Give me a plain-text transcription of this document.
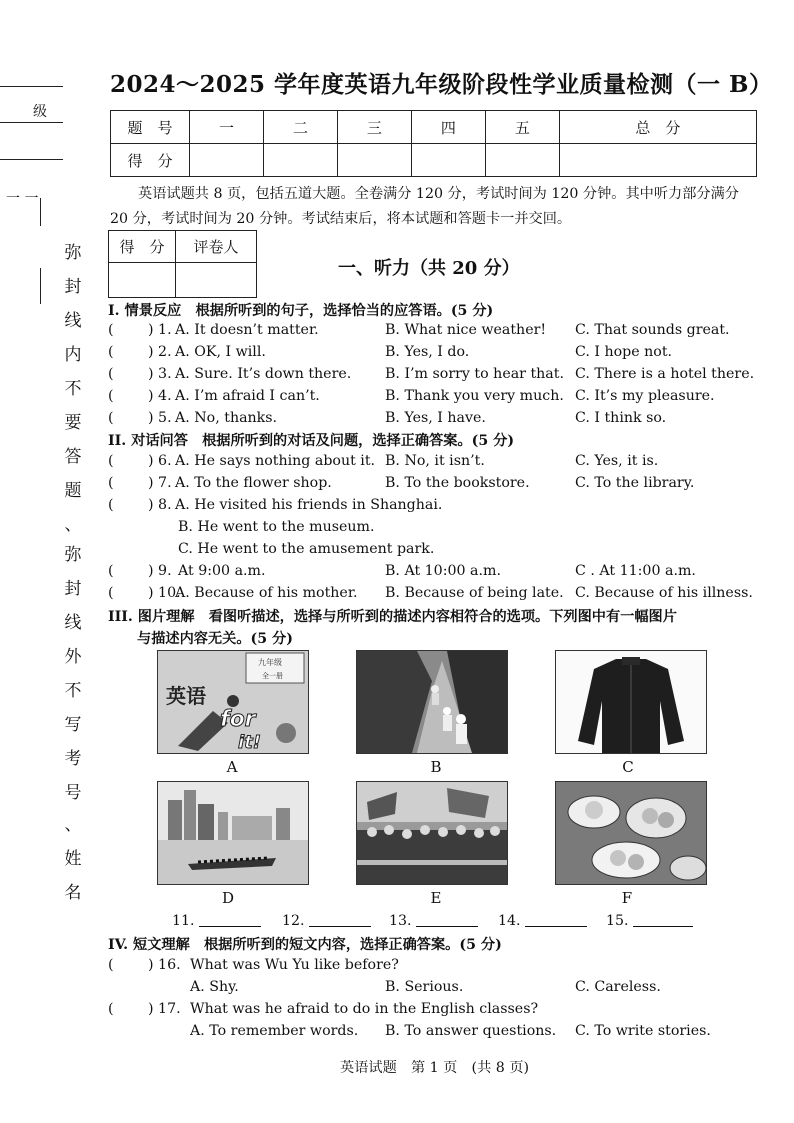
级
一 一
弥
封
线
内
不
要
答
题
、
弥
封
线
外
不
写
考
号
、
姓
名
2024～2025 学年度英语九年级阶段性学业质量检测（一 B）
题　号	一	二	三	四	五	总　分
得　分						
英语试题共 8 页，包括五道大题。全卷满分 120 分，考试时间为 120 分钟。其中听力部分满分 20 分，考试时间为 20 分钟。考试结束后，将本试题和答题卡一并交回。
得　分	评卷人

一、听力（共 20 分）
I. 情景反应　根据所听到的句子，选择恰当的应答语。(5 分)
( ) 1. A. It doesn’t matter.	B. What nice weather! C. That sounds great.
( ) 2. A. OK, I will.	B. Yes, I do.	C. I hope not.
( ) 3. A. Sure. It’s down there. B. I’m sorry to hear that. C. There is a hotel there.
( ) 4. A. I’m afraid I can’t.	B. Thank you very much. C. It’s my pleasure.
( ) 5. A. No, thanks.	B. Yes, I have.	C. I think so.
II. 对话问答　根据所听到的对话及问题，选择正确答案。(5 分)
( ) 6. A. He says nothing about it. B. No, it isn’t.	C. Yes, it is.
( ) 7. A. To the flower shop.	B. To the bookstore.	C. To the library.
( ) 8. A. He visited his friends in Shanghai.
B. He went to the museum.
C. He went to the amusement park.
( ) 9. At 9:00 a.m.	B. At 10:00 a.m.	C . At 11:00 a.m.
( ) 10.
A. Because of his mother. B. Because of being late. C. Because of his illness.
III. 图片理解　看图听描述，选择与所听到的描述内容相符合的选项。下列图中有一幅图片
与描述内容无关。(5 分)
九年级
全一册
英语
for
it!
A	B	C
D	E	F
11.	12.	13.	14.	15.
IV. 短文理解　根据所听到的短文内容，选择正确答案。(5 分)
( ) 16. What was Wu Yu like before?
A. Shy.	B. Serious.	C. Careless.
( ) 17. What was he afraid to do in the English classes?
A. To remember words. B. To answer questions. C. To write stories.
英语试题　第 1 页　(共 8 页)
